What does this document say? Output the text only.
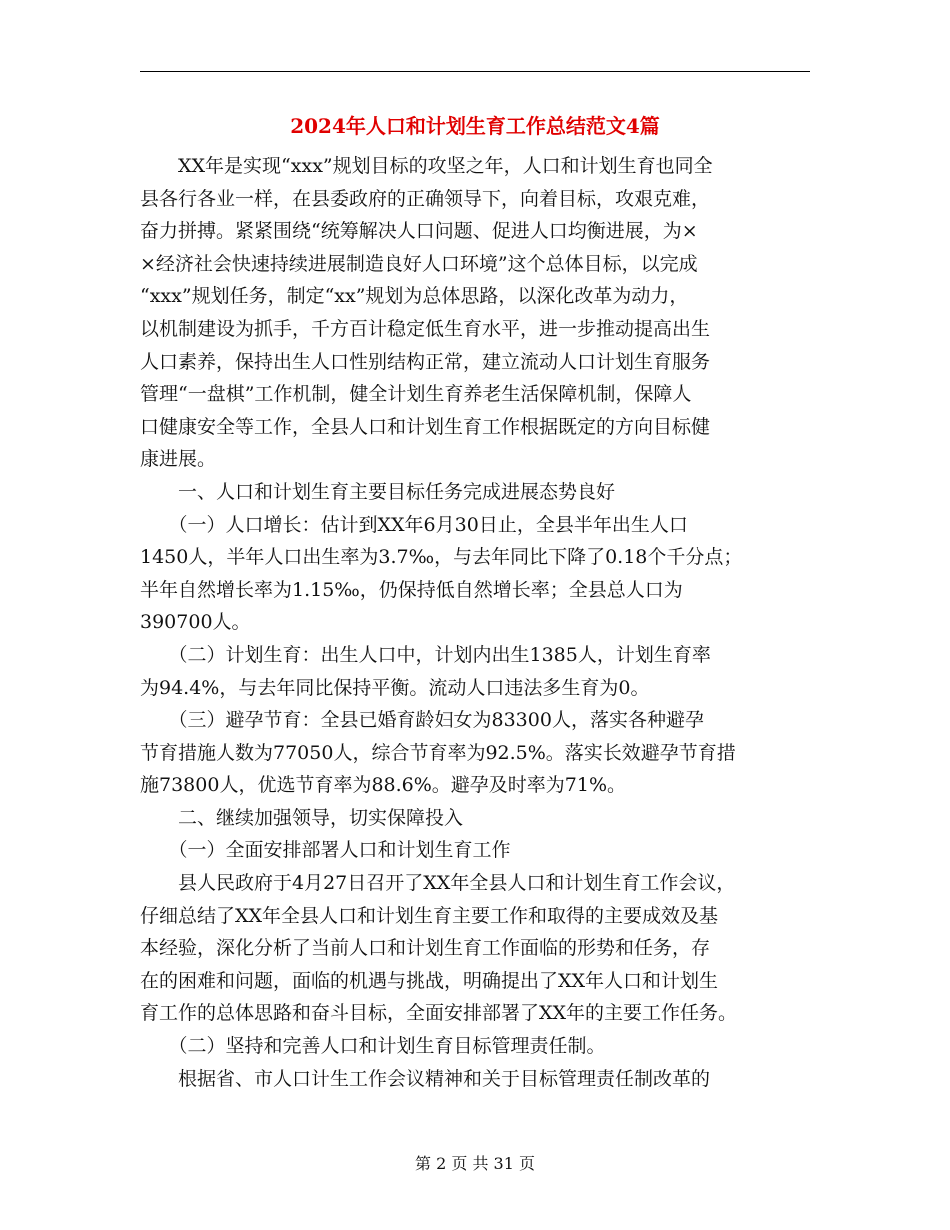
2024年人口和计划生育工作总结范文4篇
　　XX年是实现“xxx”规划目标的攻坚之年，人口和计划生育也同全
县各行各业一样，在县委政府的正确领导下，向着目标，攻艰克难，
奋力拼搏。紧紧围绕“统筹解决人口问题、促进人口均衡进展，为×
×经济社会快速持续进展制造良好人口环境”这个总体目标，以完成
“xxx”规划任务，制定“xx”规划为总体思路，以深化改革为动力，
以机制建设为抓手，千方百计稳定低生育水平，进一步推动提高出生
人口素养，保持出生人口性别结构正常，建立流动人口计划生育服务
管理“一盘棋”工作机制，健全计划生育养老生活保障机制，保障人
口健康安全等工作，全县人口和计划生育工作根据既定的方向目标健
康进展。
　　一、人口和计划生育主要目标任务完成进展态势良好
　　（一）人口增长：估计到XX年6月30日止，全县半年出生人口
1450人，半年人口出生率为3.7‰，与去年同比下降了0.18个千分点；
半年自然增长率为1.15‰，仍保持低自然增长率；全县总人口为
390700人。
　　（二）计划生育：出生人口中，计划内出生1385人，计划生育率
为94.4%，与去年同比保持平衡。流动人口违法多生育为0。
　　（三）避孕节育：全县已婚育龄妇女为83300人，落实各种避孕
节育措施人数为77050人，综合节育率为92.5%。落实长效避孕节育措
施73800人，优选节育率为88.6%。避孕及时率为71%。
　　二、继续加强领导，切实保障投入
　　（一）全面安排部署人口和计划生育工作
　　县人民政府于4月27日召开了XX年全县人口和计划生育工作会议，
仔细总结了XX年全县人口和计划生育主要工作和取得的主要成效及基
本经验，深化分析了当前人口和计划生育工作面临的形势和任务，存
在的困难和问题，面临的机遇与挑战，明确提出了XX年人口和计划生
育工作的总体思路和奋斗目标，全面安排部署了XX年的主要工作任务。
　　（二）坚持和完善人口和计划生育目标管理责任制。
　　根据省、市人口计生工作会议精神和关于目标管理责任制改革的
第 2 页 共 31 页
